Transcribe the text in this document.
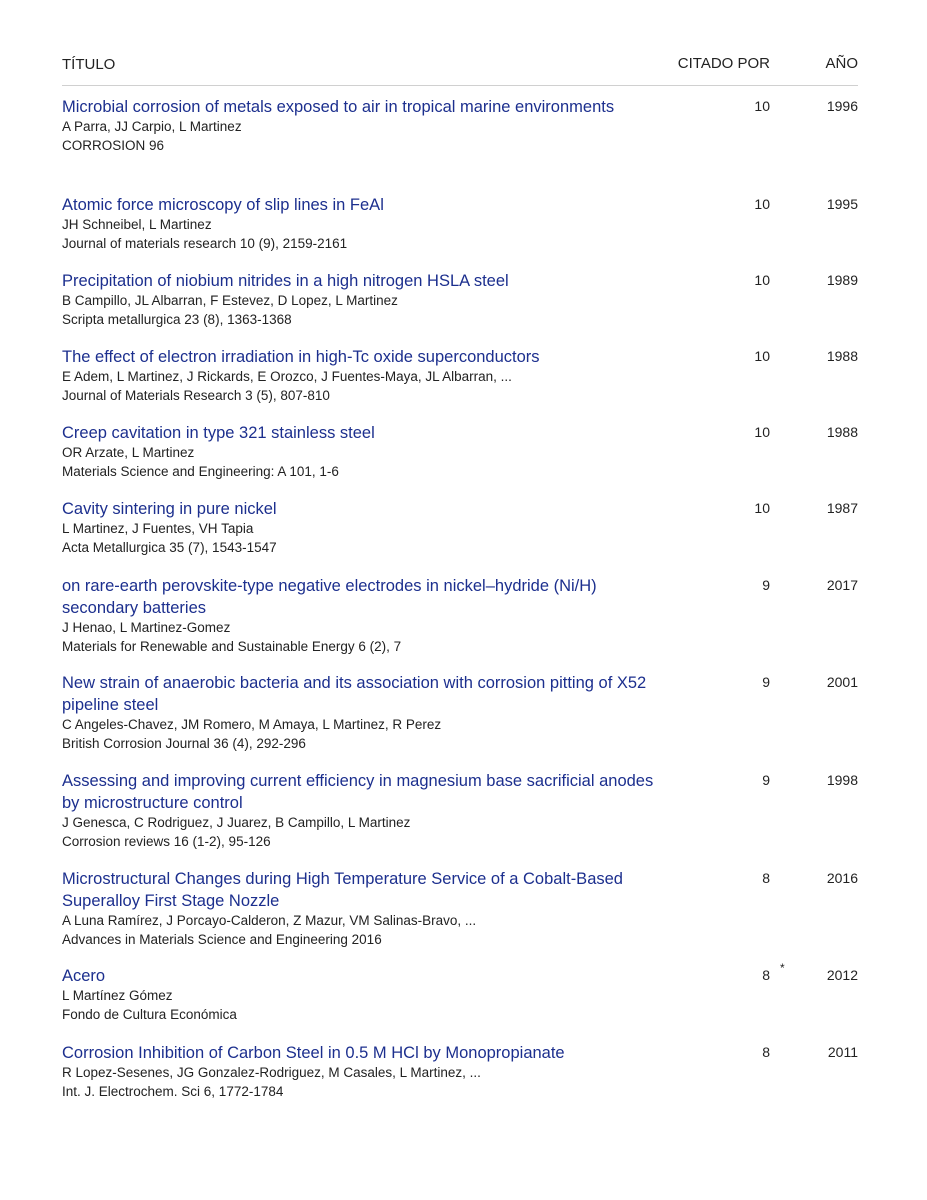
TÍTULO	CITADO POR	AÑO
Microbial corrosion of metals exposed to air in tropical marine environments
A Parra, JJ Carpio, L Martinez
CORROSION 96
10	1996
Atomic force microscopy of slip lines in FeAl
JH Schneibel, L Martinez
Journal of materials research 10 (9), 2159-2161
10	1995
Precipitation of niobium nitrides in a high nitrogen HSLA steel
B Campillo, JL Albarran, F Estevez, D Lopez, L Martinez
Scripta metallurgica 23 (8), 1363-1368
10	1989
The effect of electron irradiation in high-Tc oxide superconductors
E Adem, L Martinez, J Rickards, E Orozco, J Fuentes-Maya, JL Albarran, ...
Journal of Materials Research 3 (5), 807-810
10	1988
Creep cavitation in type 321 stainless steel
OR Arzate, L Martinez
Materials Science and Engineering: A 101, 1-6
10	1988
Cavity sintering in pure nickel
L Martinez, J Fuentes, VH Tapia
Acta Metallurgica 35 (7), 1543-1547
10	1987
on rare-earth perovskite-type negative electrodes in nickel–hydride (Ni/H) secondary batteries
J Henao, L Martinez-Gomez
Materials for Renewable and Sustainable Energy 6 (2), 7
9	2017
New strain of anaerobic bacteria and its association with corrosion pitting of X52 pipeline steel
C Angeles-Chavez, JM Romero, M Amaya, L Martinez, R Perez
British Corrosion Journal 36 (4), 292-296
9	2001
Assessing and improving current efficiency in magnesium base sacrificial anodes by microstructure control
J Genesca, C Rodriguez, J Juarez, B Campillo, L Martinez
Corrosion reviews 16 (1-2), 95-126
9	1998
Microstructural Changes during High Temperature Service of a Cobalt-Based Superalloy First Stage Nozzle
A Luna Ramírez, J Porcayo-Calderon, Z Mazur, VM Salinas-Bravo, ...
Advances in Materials Science and Engineering 2016
8	2016
Acero
L Martínez Gómez
Fondo de Cultura Económica
8 *	2012
Corrosion Inhibition of Carbon Steel in 0.5 M HCl by Monopropianate
R Lopez-Sesenes, JG Gonzalez-Rodriguez, M Casales, L Martinez, ...
Int. J. Electrochem. Sci 6, 1772-1784
8	2011
